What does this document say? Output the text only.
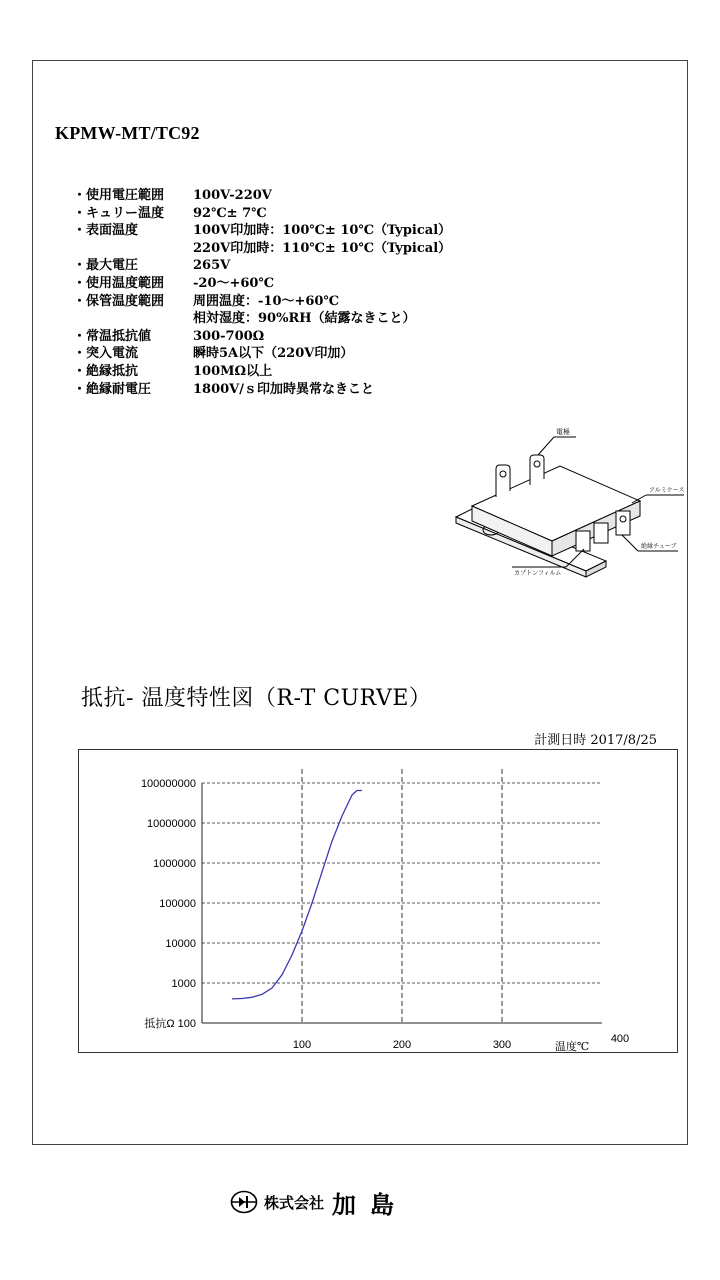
KPMW-MT/TC92
・使用電圧範囲	100V-220V
・キュリー温度	92℃± 7℃
・表面温度	100V印加時：100℃± 10℃（Typical）
220V印加時：110℃± 10℃（Typical）
・最大電圧	265V
・使用温度範囲	-20～+60℃
・保管温度範囲	周囲温度：-10～+60℃
相対湿度：90%RH（結露なきこと）
・常温抵抗値	300-700Ω
・突入電流	瞬時5A以下（220V印加）
・絶縁抵抗	100MΩ以上
・絶縁耐電圧	1800V/ｓ印加時異常なきこと
電極
アルミケース
絶縁チューブ
カプトンフィルム
抵抗- 温度特性図（R-T CURVE）
計測日時 2017/8/25
抵抗Ω 100
1000
10000
100000
1000000
10000000
100000000
100	200	300	400
温度℃
株式会社 加島
